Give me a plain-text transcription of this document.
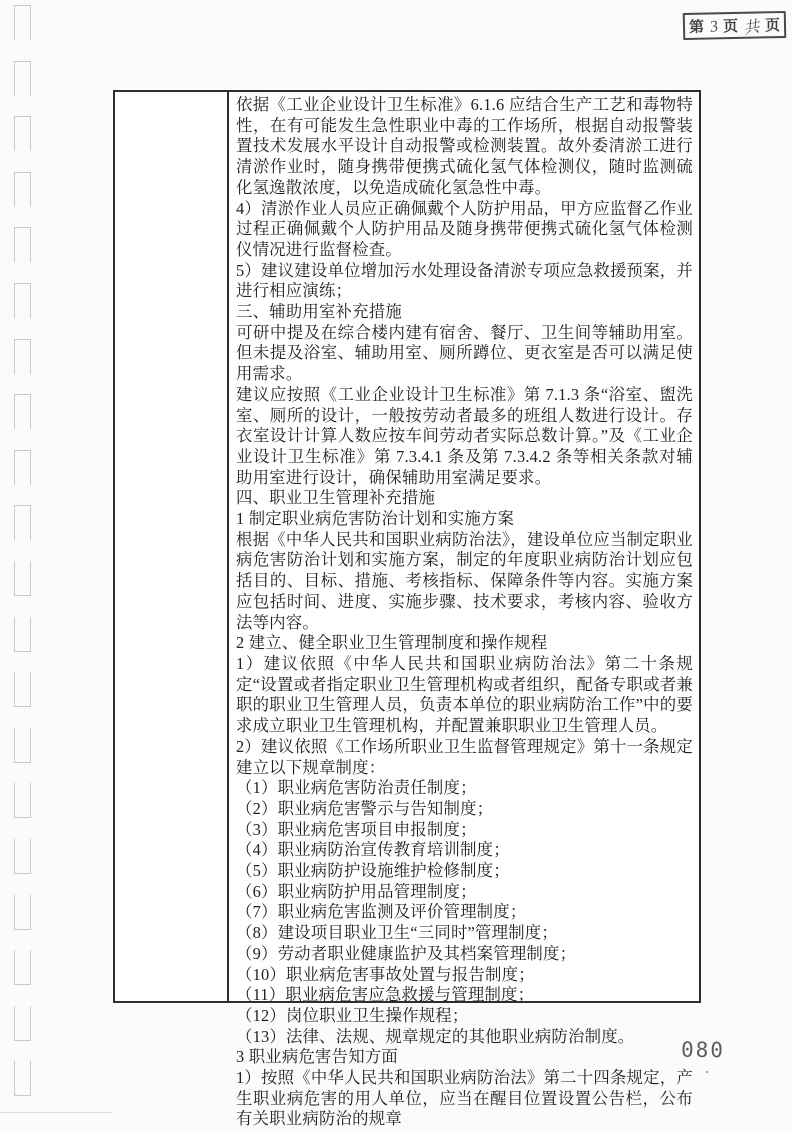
第 3 页 共 页

依据《工业企业设计卫生标准》6.1.6 应结合生产工艺和毒物特性，在有可能发生急性职业中毒的工作场所，根据自动报警装置技术发展水平设计自动报警或检测装置。故外委清淤工进行清淤作业时，随身携带便携式硫化氢气体检测仪，随时监测硫化氢逸散浓度，以免造成硫化氢急性中毒。

4）清淤作业人员应正确佩戴个人防护用品，甲方应监督乙作业过程正确佩戴个人防护用品及随身携带便携式硫化氢气体检测仪情况进行监督检查。

5）建议建设单位增加污水处理设备清淤专项应急救援预案，并进行相应演练；

三、辅助用室补充措施

可研中提及在综合楼内建有宿舍、餐厅、卫生间等辅助用室。但未提及浴室、辅助用室、厕所蹲位、更衣室是否可以满足使用需求。

建议应按照《工业企业设计卫生标准》第 7.1.3 条“浴室、盥洗室、厕所的设计，一般按劳动者最多的班组人数进行设计。存衣室设计计算人数应按车间劳动者实际总数计算。”及《工业企业设计卫生标准》第 7.3.4.1 条及第 7.3.4.2 条等相关条款对辅助用室进行设计，确保辅助用室满足要求。

四、职业卫生管理补充措施

1 制定职业病危害防治计划和实施方案

根据《中华人民共和国职业病防治法》，建设单位应当制定职业病危害防治计划和实施方案，制定的年度职业病防治计划应包括目的、目标、措施、考核指标、保障条件等内容。实施方案应包括时间、进度、实施步骤、技术要求，考核内容、验收方法等内容。

2 建立、健全职业卫生管理制度和操作规程

1）建议依照《中华人民共和国职业病防治法》第二十条规定“设置或者指定职业卫生管理机构或者组织，配备专职或者兼职的职业卫生管理人员，负责本单位的职业病防治工作”中的要求成立职业卫生管理机构，并配置兼职职业卫生管理人员。

2）建议依照《工作场所职业卫生监督管理规定》第十一条规定建立以下规章制度：

（1）职业病危害防治责任制度；

（2）职业病危害警示与告知制度；

（3）职业病危害项目申报制度；

（4）职业病防治宣传教育培训制度；

（5）职业病防护设施维护检修制度；

（6）职业病防护用品管理制度；

（7）职业病危害监测及评价管理制度；

（8）建设项目职业卫生“三同时”管理制度；

（9）劳动者职业健康监护及其档案管理制度；

（10）职业病危害事故处置与报告制度；

（11）职业病危害应急救援与管理制度；

（12）岗位职业卫生操作规程；

（13）法律、法规、规章规定的其他职业病防治制度。

3 职业病危害告知方面

1）按照《中华人民共和国职业病防治法》第二十四条规定，产生职业病危害的用人单位，应当在醒目位置设置公告栏，公布有关职业病防治的规章

080
